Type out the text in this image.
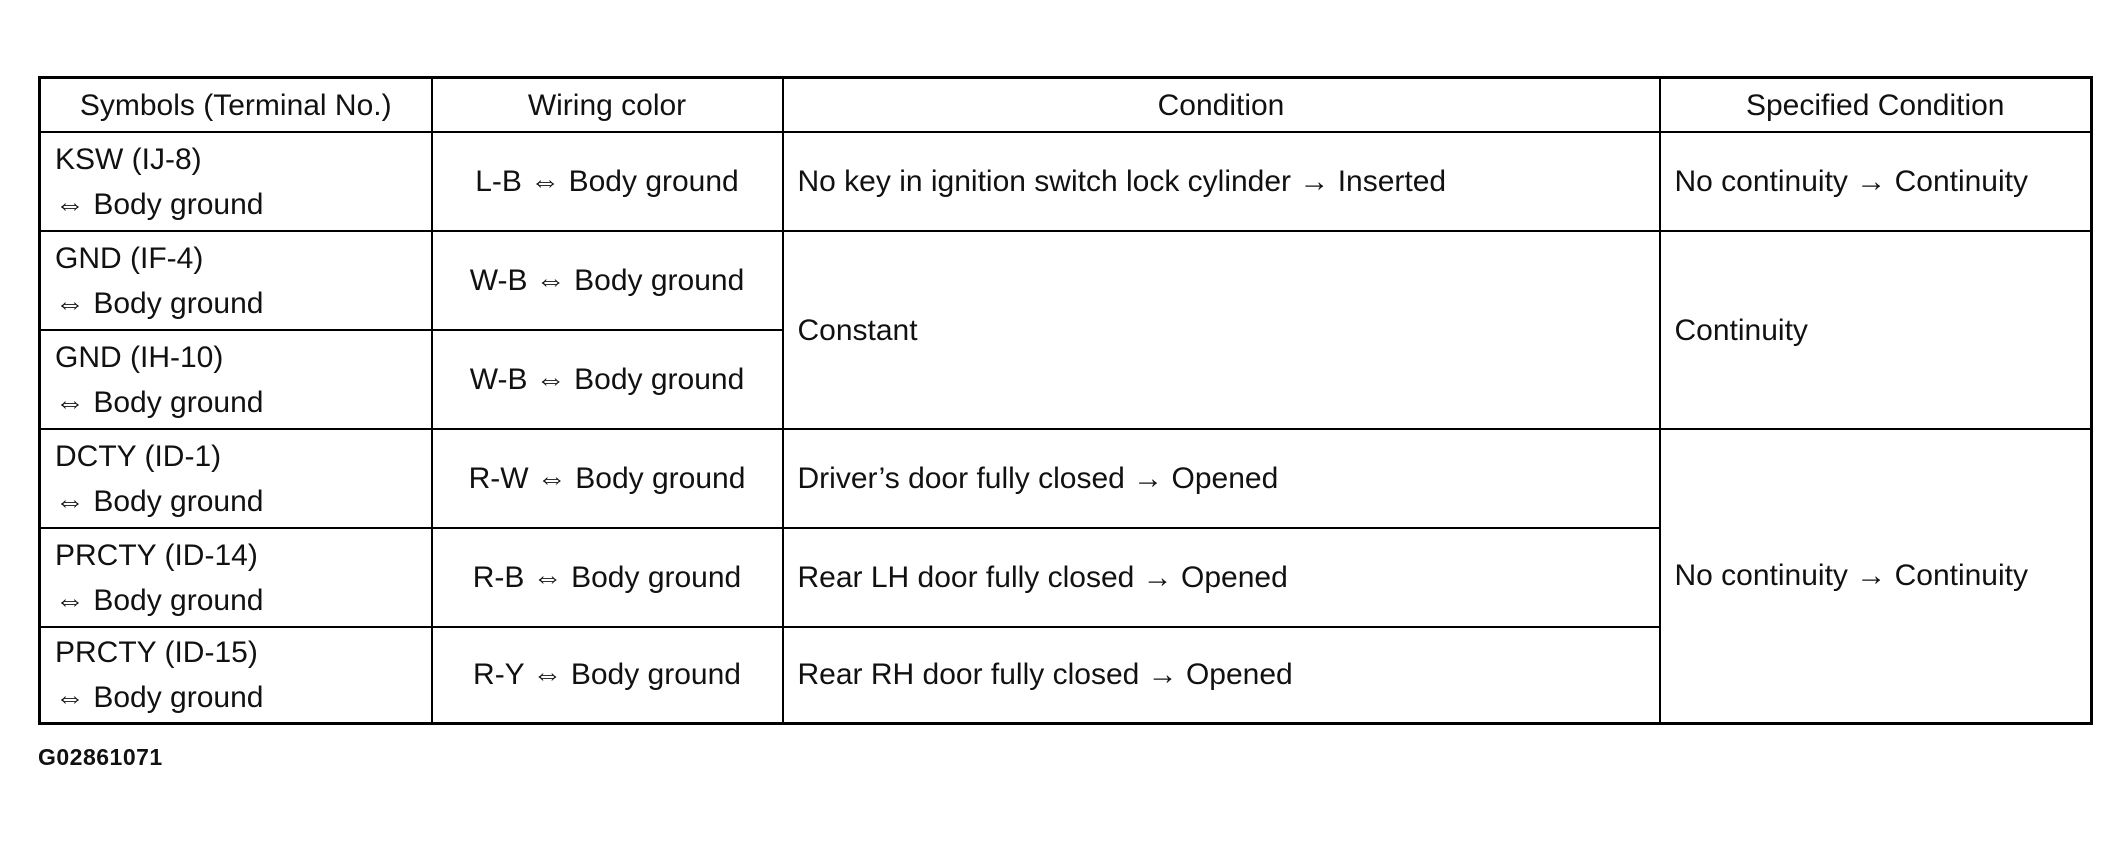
Symbols (Terminal No.)	Wiring color	Condition	Specified Condition

KSW (IJ-8)
⇔ Body ground	L-B ⇔ Body ground	No key in ignition switch lock cylinder → Inserted	No continuity → Continuity

GND (IF-4)
⇔ Body ground	W-B ⇔ Body ground	Constant	Continuity

GND (IH-10)
⇔ Body ground	W-B ⇔ Body ground		

DCTY (ID-1)
⇔ Body ground	R-W ⇔ Body ground	Driver’s door fully closed → Opened	No continuity → Continuity

PRCTY (ID-14)
⇔ Body ground	R-B ⇔ Body ground	Rear LH door fully closed → Opened	

PRCTY (ID-15)
⇔ Body ground	R-Y ⇔ Body ground	Rear RH door fully closed → Opened	
G02861071
